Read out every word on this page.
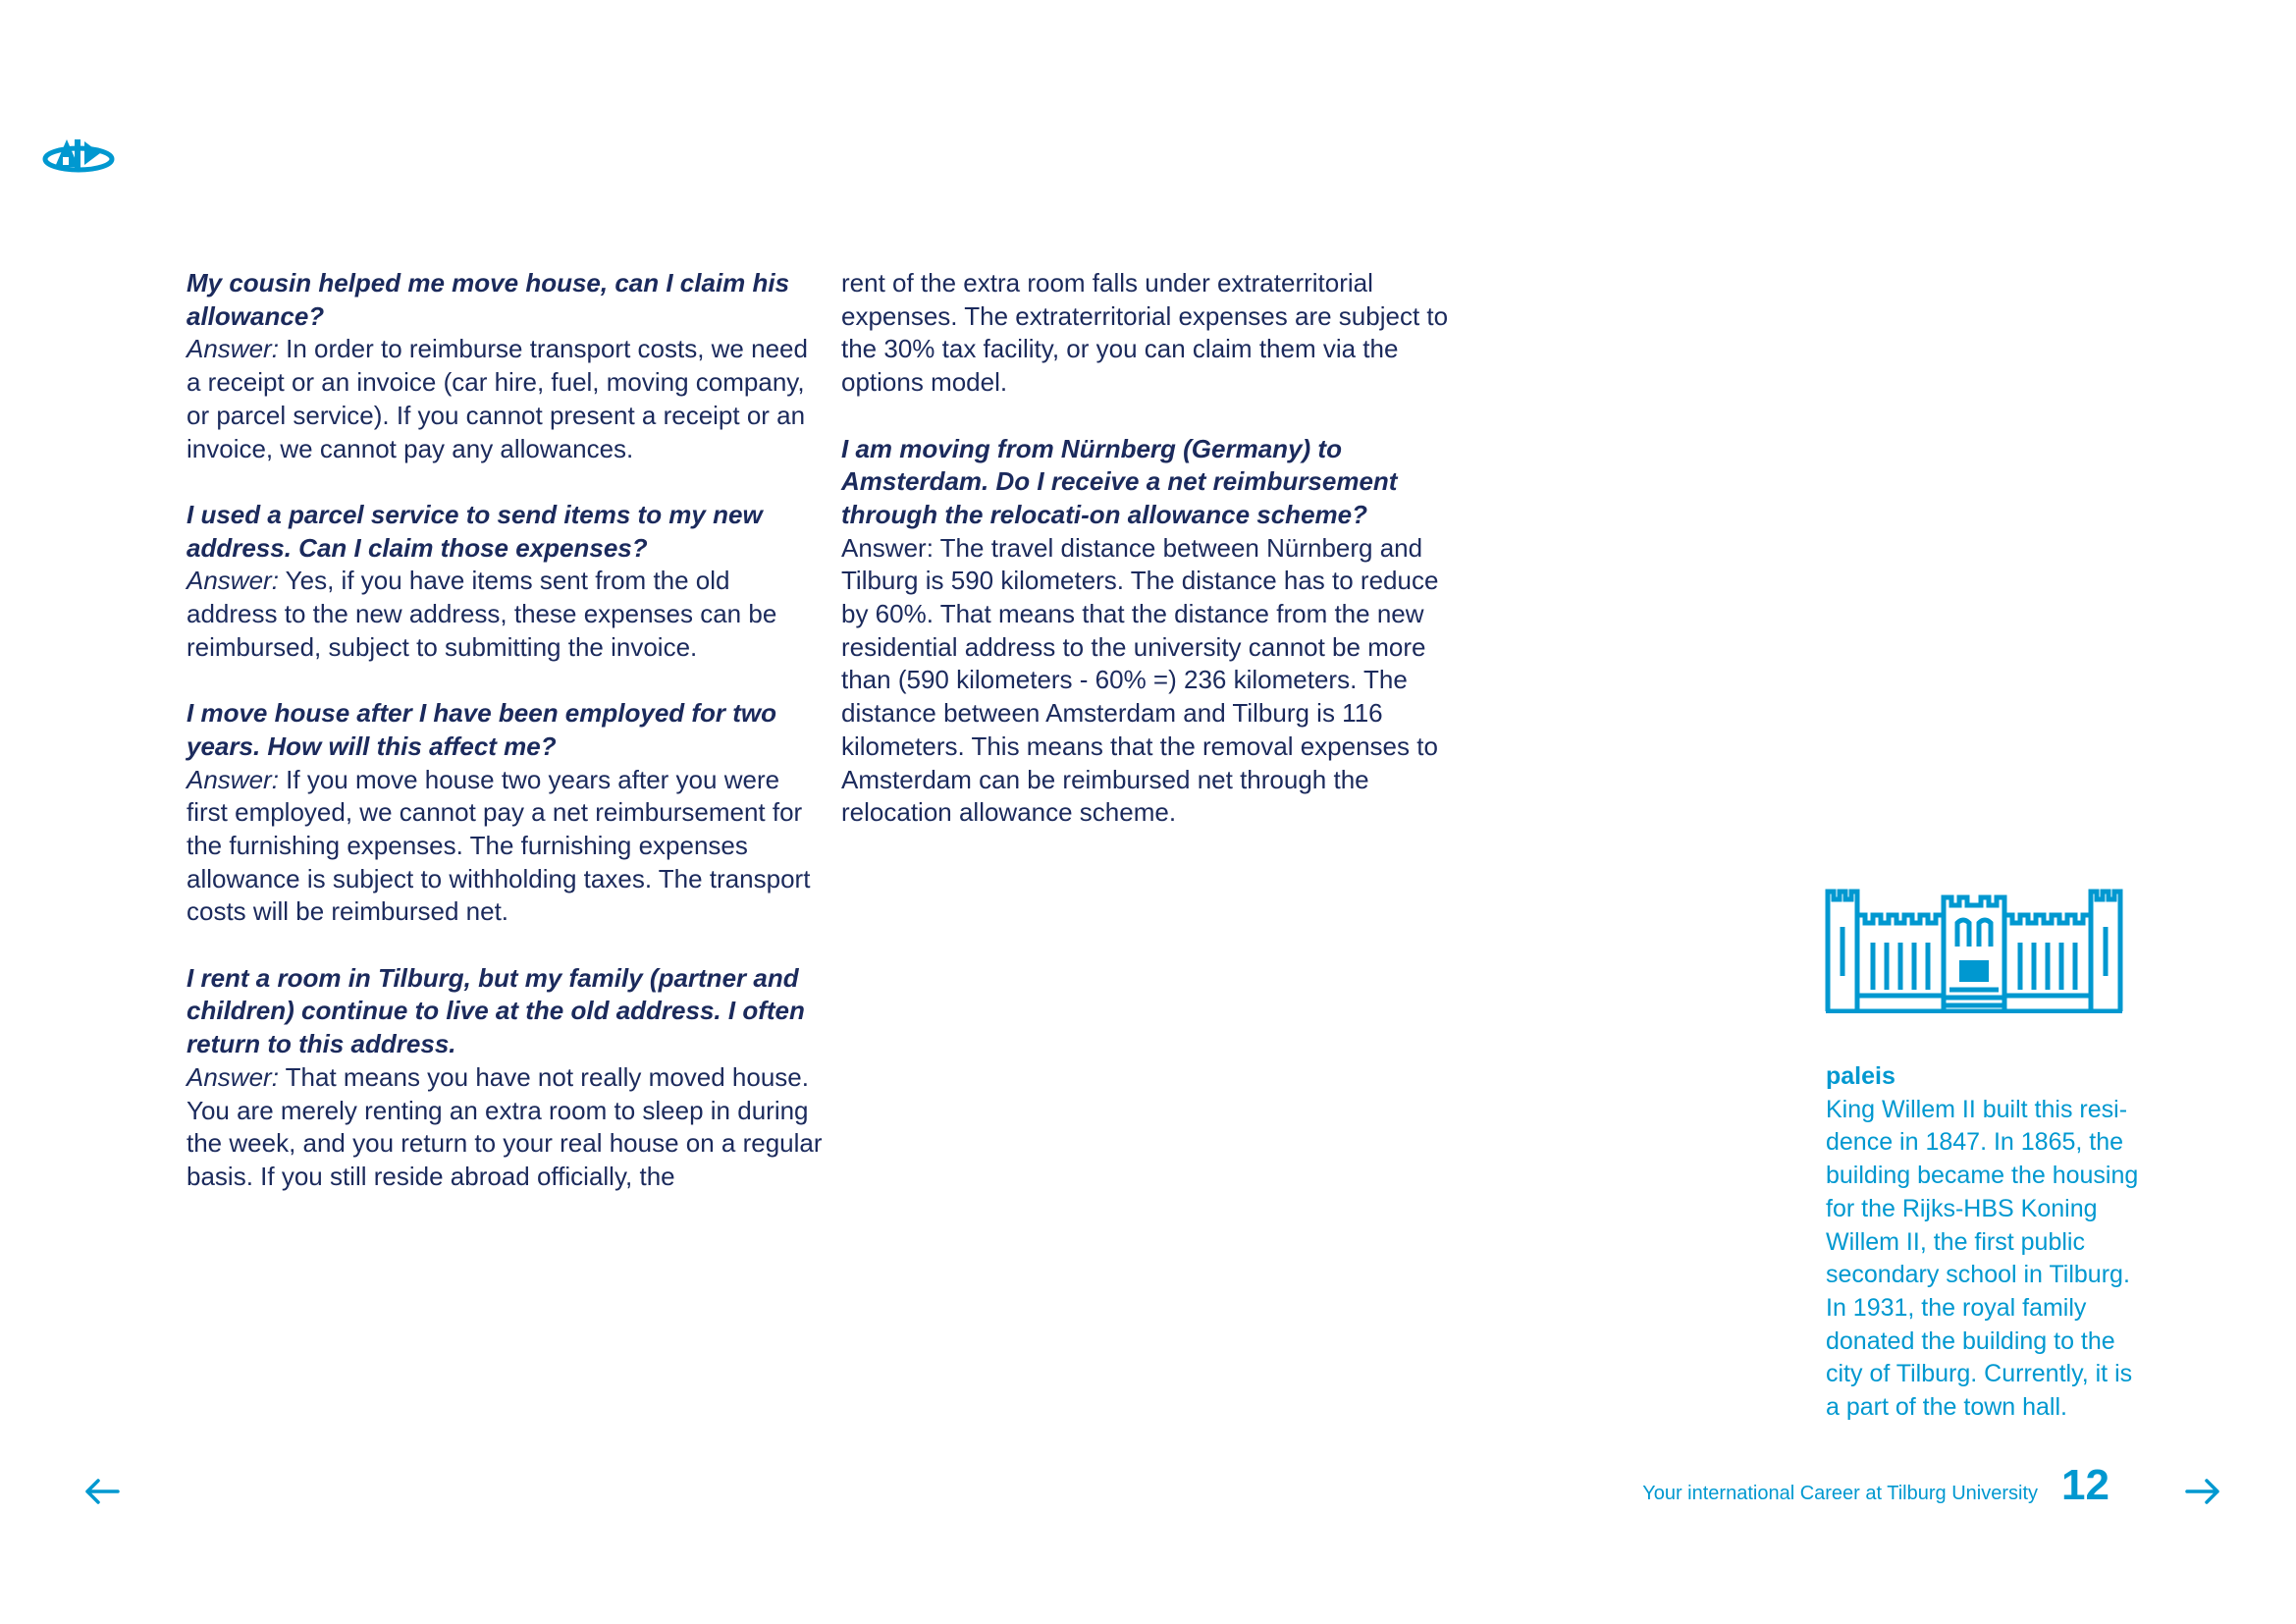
My cousin helped me move house, can I claim his allowance?
Answer: In order to reimburse transport costs, we need a receipt or an invoice (car hire, fuel, moving company, or parcel service). If you cannot present a receipt or an invoice, we cannot pay any allowances.
I used a parcel service to send items to my new address. Can I claim those expenses?
Answer: Yes, if you have items sent from the old address to the new address, these expenses can be reimbursed, subject to submitting the invoice.
I move house after I have been employed for two years. How will this affect me?
Answer: If you move house two years after you were first employed, we cannot pay a net reimbursement for the furnishing expenses. The furnishing expenses allowance is subject to withholding taxes. The transport costs will be reimbursed net.
I rent a room in Tilburg, but my family (partner and children) continue to live at the old address. I often return to this address.
Answer: That means you have not really moved house. You are merely renting an extra room to sleep in during the week, and you return to your real house on a regular basis. If you still reside abroad officially, the
rent of the extra room falls under extraterritorial expenses. The extraterritorial expenses are subject to the 30% tax facility, or you can claim them via the options model.
I am moving from Nürnberg (Germany) to Amsterdam. Do I receive a net reimbursement through the relocati-on allowance scheme?
Answer: The travel distance between Nürnberg and Tilburg is 590 kilometers. The distance has to reduce by 60%. That means that the distance from the new residential address to the university cannot be more than (590 kilometers - 60% =) 236 kilometers. The distance between Amsterdam and Tilburg is 116 kilometers. This means that the removal expenses to Amsterdam can be reimbursed net through the relocation allowance scheme.
paleis
King Willem II built this resi-dence in 1847. In 1865, the building became the housing for the Rijks-HBS Koning Willem II, the first public secondary school in Tilburg. In 1931, the royal family donated the building to the city of Tilburg. Currently, it is a part of the town hall.
Your international Career at Tilburg University 12
